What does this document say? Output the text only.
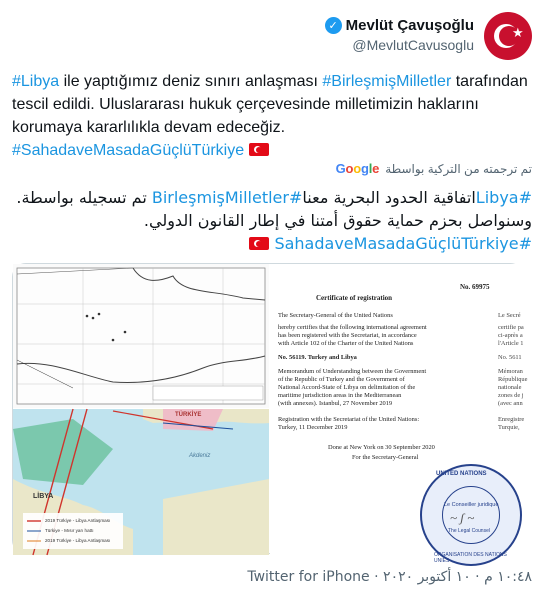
★
✓ Mevlüt Çavuşoğlu
@MevlutCavusoglu
#Libya ile yaptığımız deniz sınırı anlaşması #BirleşmişMilletler tarafından tescil edildi. Uluslararası hukuk çerçevesinde milletimizin haklarını korumaya kararlılıkla devam edeceğiz.
#SahadaveMasadaGüçlüTürkiye
تم ترجمته من التركية بواسطة
Google
#Libyaاتفاقية الحدود البحرية معنا#BirleşmişMilletler تم تسجيله بواسطة. وسنواصل بحزم حماية حقوق أمتنا في إطار القانون الدولي.
#SahadaveMasadaGüçlüTürkiye
LİBYA
TÜRKİYE
Akdeniz
2019 Türkiye - Libya Antlaşması
Türkiye - Mısır yarı hattı
2019 Türkiye - Libya Antlaşması
No. 69975
Certificate of registration
The Secretary-General of the United Nations
hereby certifies that the following international agreement
has been registered with the Secretariat, in accordance
with Article 102 of the Charter of the United Nations
No. 56119. Turkey and Libya
Memorandum of Understanding between the Government
of the Republic of Turkey and the Government of
National Accord-State of Libya on delimitation of the
maritime jurisdiction areas in the Mediterranean
(with annexes). Istanbul, 27 November 2019
Registration with the Secretariat of the United Nations:
Turkey, 11 December 2019
Done at New York on 30 September 2020
For the Secretary-General
Le Secré
certifie pa
ci-après a
l'Article 1
No. 5611
Mémoran
République
nationale
zones de j
(avec ann
Enregistre
Turquie,
UNITED NATIONS
Le Conseiller juridique
~ ʃ ~
The Legal Counsel
ORGANISATION DES NATIONS UNIES
١٠:٤٨ م · ١٠ أكتوبر ٢٠٢٠ · Twitter for iPhone
